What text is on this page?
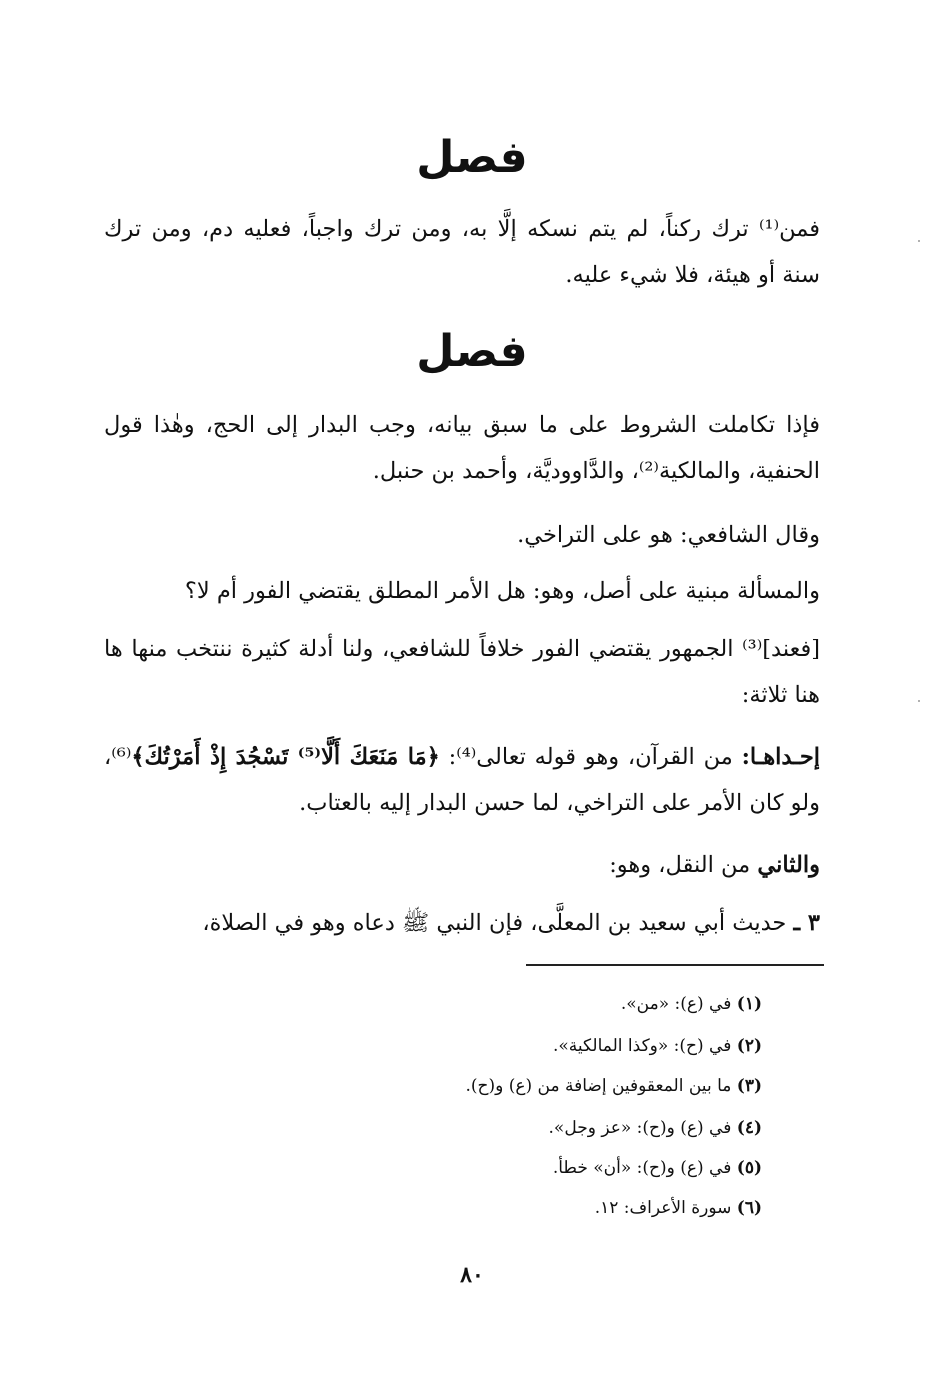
فصل
فمن⁽¹⁾ ترك ركناً، لم يتم نسكه إلَّا به، ومن ترك واجباً، فعليه دم، ومن ترك سنة أو هيئة، فلا شيء عليه.
فصل
فإذا تكاملت الشروط على ما سبق بيانه، وجب البدار إلى الحج، وهٰذا قول الحنفية، والمالكية⁽²⁾، والدَّاووديَّة، وأحمد بن حنبل.
وقال الشافعي: هو على التراخي.
والمسألة مبنية على أصل، وهو: هل الأمر المطلق يقتضي الفور أم لا؟
[فعند]⁽³⁾ الجمهور يقتضي الفور خلافاً للشافعي، ولنا أدلة كثيرة ننتخب منها ها هنا ثلاثة:
إحـداهـا: من القرآن، وهو قوله تعالى⁽⁴⁾: ﴿مَا مَنَعَكَ أَلَّا⁽⁵⁾ تَسْجُدَ إِذْ أَمَرْتُكَ﴾⁽⁶⁾، ولو كان الأمر على التراخي، لما حسن البدار إليه بالعتاب.
والثاني من النقل، وهو:
٣ ـ حديث أبي سعيد بن المعلَّى، فإن النبي ﷺ دعاه وهو في الصلاة،
(١) في (ع): «من».
(٢) في (ح): «وكذا المالكية».
(٣) ما بين المعقوفين إضافة من (ع) و(ح).
(٤) في (ع) و(ح): «عز وجل».
(٥) في (ع) و(ح): «أن» خطأ.
(٦) سورة الأعراف: ١٢.
٨٠
